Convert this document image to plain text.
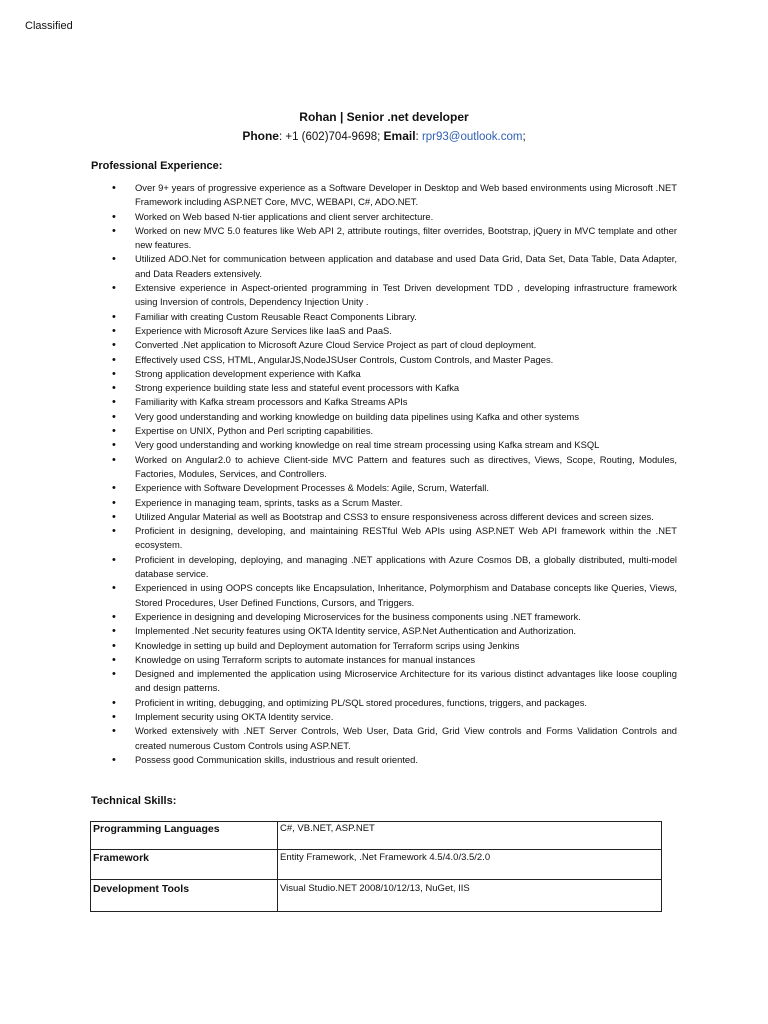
Classified
Rohan | Senior .net developer
Phone: +1 (602)704-9698; Email: rpr93@outlook.com;
Professional Experience:
• Over 9+ years of progressive experience as a Software Developer in Desktop and Web based environments using Microsoft .NET Framework including ASP.NET Core, MVC, WEBAPI, C#, ADO.NET.
• Worked on Web based N-tier applications and client server architecture.
• Worked on new MVC 5.0 features like Web API 2, attribute routings, filter overrides, Bootstrap, jQuery in MVC template and other new features.
• Utilized ADO.Net for communication between application and database and used Data Grid, Data Set, Data Table, Data Adapter, and Data Readers extensively.
• Extensive experience in Aspect-oriented programming in Test Driven development TDD , developing infrastructure framework using Inversion of controls, Dependency Injection Unity .
• Familiar with creating Custom Reusable React Components Library.
• Experience with Microsoft Azure Services like IaaS and PaaS.
• Converted .Net application to Microsoft Azure Cloud Service Project as part of cloud deployment.
• Effectively used CSS, HTML, AngularJS,NodeJSUser Controls, Custom Controls, and Master Pages.
• Strong application development experience with Kafka
• Strong experience building state less and stateful event processors with Kafka
• Familiarity with Kafka stream processors and Kafka Streams APIs
• Very good understanding and working knowledge on building data pipelines using Kafka and other systems
• Expertise on UNIX, Python and Perl scripting capabilities.
• Very good understanding and working knowledge on real time stream processing using Kafka stream and KSQL
• Worked on Angular2.0 to achieve Client-side MVC Pattern and features such as directives, Views, Scope, Routing, Modules, Factories, Modules, Services, and Controllers.
• Experience with Software Development Processes & Models: Agile, Scrum, Waterfall.
• Experience in managing team, sprints, tasks as a Scrum Master.
• Utilized Angular Material as well as Bootstrap and CSS3 to ensure responsiveness across different devices and screen sizes.
• Proficient in designing, developing, and maintaining RESTful Web APIs using ASP.NET Web API framework within the .NET ecosystem.
• Proficient in developing, deploying, and managing .NET applications with Azure Cosmos DB, a globally distributed, multi-model database service.
• Experienced in using OOPS concepts like Encapsulation, Inheritance, Polymorphism and Database concepts like Queries, Views, Stored Procedures, User Defined Functions, Cursors, and Triggers.
• Experience in designing and developing Microservices for the business components using .NET framework.
• Implemented .Net security features using OKTA Identity service, ASP.Net Authentication and Authorization.
• Knowledge in setting up build and Deployment automation for Terraform scrips using Jenkins
• Knowledge on using Terraform scripts to automate instances for manual instances
• Designed and implemented the application using Microservice Architecture for its various distinct advantages like loose coupling and design patterns.
• Proficient in writing, debugging, and optimizing PL/SQL stored procedures, functions, triggers, and packages.
• Implement security using OKTA Identity service.
• Worked extensively with .NET Server Controls, Web User, Data Grid, Grid View controls and Forms Validation Controls and created numerous Custom Controls using ASP.NET.
• Possess good Communication skills, industrious and result oriented.
Technical Skills:
Programming Languages	C#, VB.NET, ASP.NET
Framework	Entity Framework, .Net Framework 4.5/4.0/3.5/2.0
Development Tools	Visual Studio.NET 2008/10/12/13, NuGet, IIS
